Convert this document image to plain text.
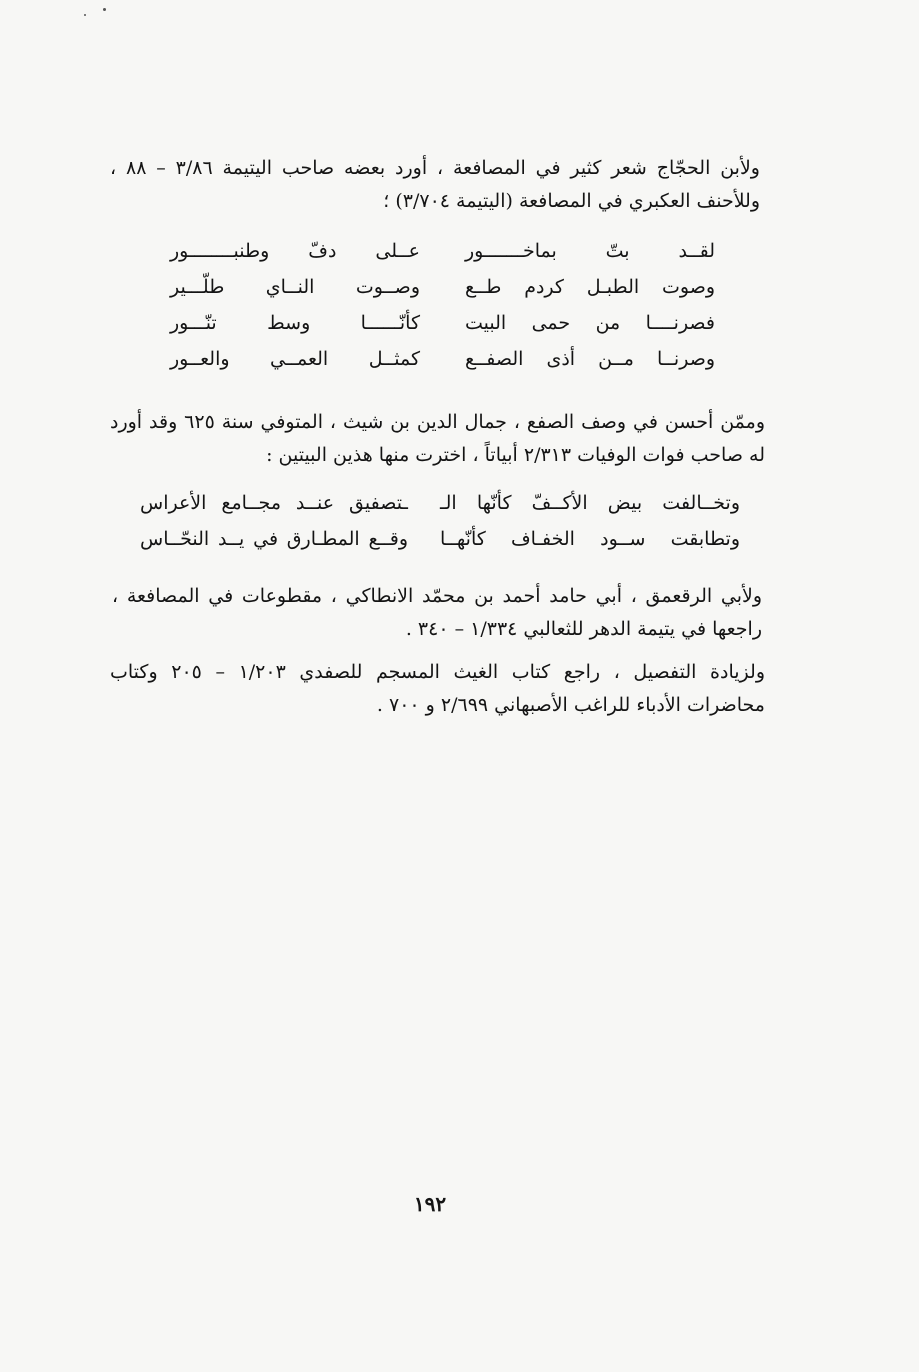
ولأبن الحجّاج شعر كثير في المصافعة ، أورد بعضه صاحب اليتيمة ٣/٨٦ – ٨٨ ، وللأحنف العكبري في المصافعة (اليتيمة ٣/٧٠٤) ؛

لقــد بتّ بماخـــــــور
عــلى دفّ وطنبــــــــور
وصوت الطبـل كردم طــع
وصــوت النــاي طلّـــير
فصرنــــا من حمى البيت
كأنّــــــا وسط تنّـــور
وصرنــا مــن أذى الصفــع
كمثــل العمــي والعــور

وممّن أحسن في وصف الصفع ، جمال الدين بن شيث ، المتوفي سنة ٦٢٥ وقد أورد له صاحب فوات الوفيات ٢/٣١٣ أبياتاً ، اخترت منها هذين البيتين :

وتخــالفت بيض الأكــفّ كأنّها الـ
ـتصفيق عنــد مجــامع الأعراس
وتطابقت ســود الخفـاف كأنّهــا
وقــع المطـارق في يــد النحّــاس

ولأبي الرقعمق ، أبي حامد أحمد بن محمّد الانطاكي ، مقطوعات في المصافعة ، راجعها في يتيمة الدهر للثعالبي ١/٣٣٤ – ٣٤٠ .

ولزيادة التفصيل ، راجع كتاب الغيث المسجم للصفدي ١/٢٠٣ – ٢٠٥ وكتاب محاضرات الأدباء للراغب الأصبهاني ٢/٦٩٩ و ٧٠٠ .

١٩٢
